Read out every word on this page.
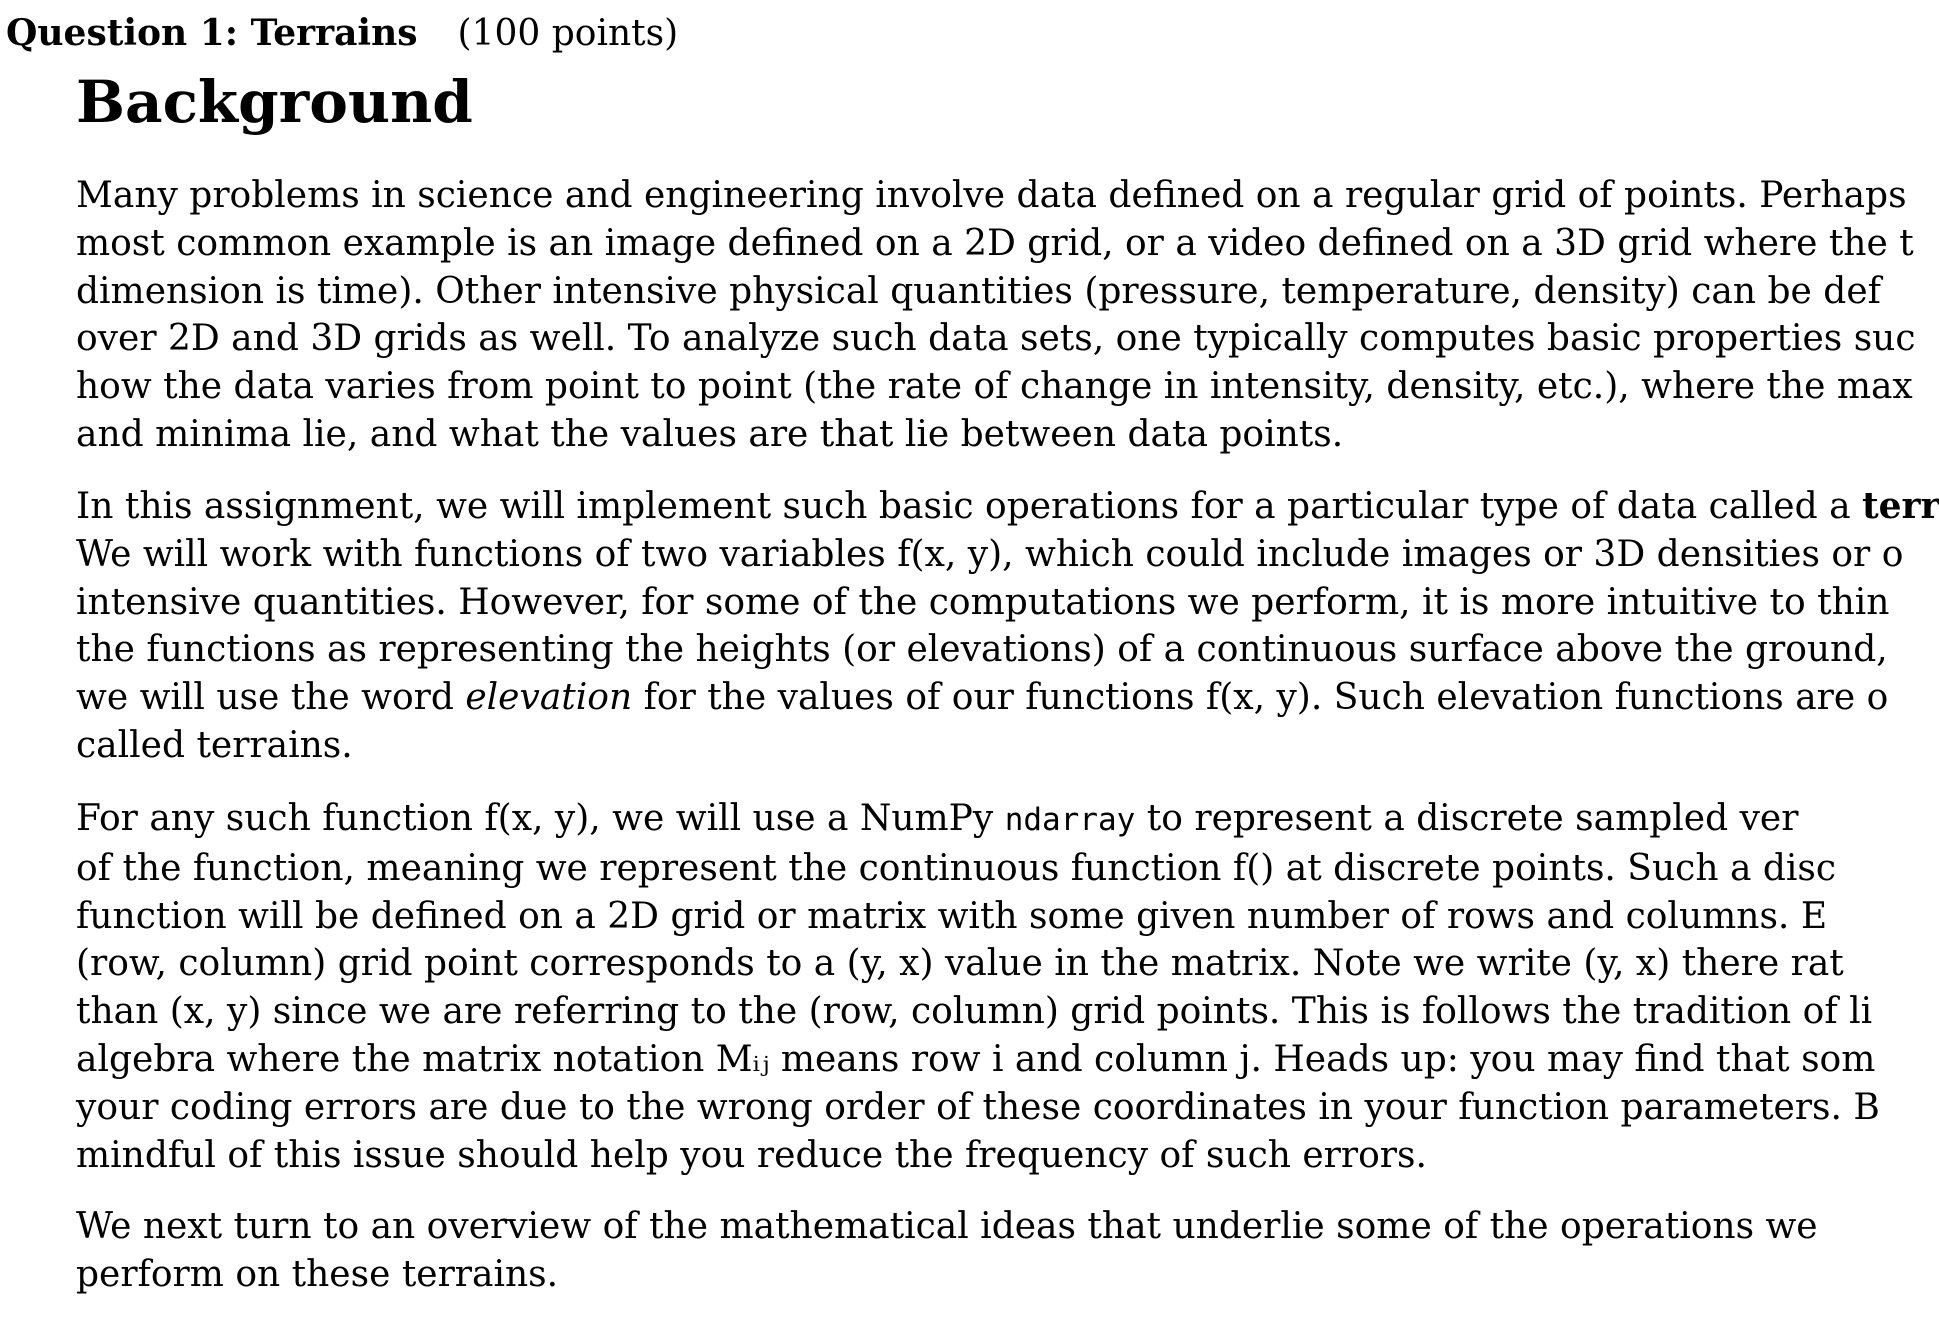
Question 1: Terrains (100 points)
Background
Many problems in science and engineering involve data defined on a regular grid of points. Perhaps
most common example is an image defined on a 2D grid, or a video defined on a 3D grid where the t
dimension is time). Other intensive physical quantities (pressure, temperature, density) can be def
over 2D and 3D grids as well. To analyze such data sets, one typically computes basic properties suc
how the data varies from point to point (the rate of change in intensity, density, etc.), where the max
and minima lie, and what the values are that lie between data points.
In this assignment, we will implement such basic operations for a particular type of data called a terr
We will work with functions of two variables f(x, y), which could include images or 3D densities or o
intensive quantities. However, for some of the computations we perform, it is more intuitive to thin
the functions as representing the heights (or elevations) of a continuous surface above the ground,
we will use the word elevation for the values of our functions f(x, y). Such elevation functions are o
called terrains.
For any such function f(x, y), we will use a NumPy ndarray to represent a discrete sampled ver
of the function, meaning we represent the continuous function f() at discrete points. Such a disc
function will be defined on a 2D grid or matrix with some given number of rows and columns. E
(row, column) grid point corresponds to a (y, x) value in the matrix. Note we write (y, x) there rat
than (x, y) since we are referring to the (row, column) grid points. This is follows the tradition of li
algebra where the matrix notation Mᵢⱼ means row i and column j. Heads up: you may find that som
your coding errors are due to the wrong order of these coordinates in your function parameters. B
mindful of this issue should help you reduce the frequency of such errors.
We next turn to an overview of the mathematical ideas that underlie some of the operations we
perform on these terrains.
